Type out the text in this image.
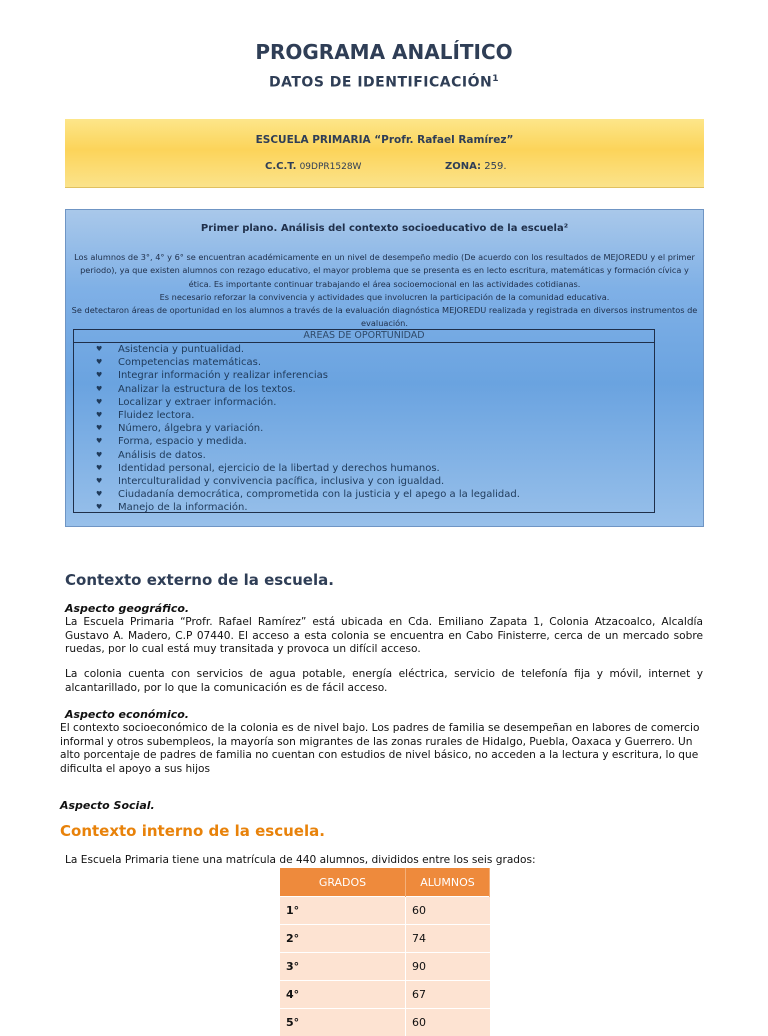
PROGRAMA ANALÍTICO
DATOS DE IDENTIFICACIÓN$^1$
ESCUELA PRIMARIA “Profr. Rafael Ramírez”
C.C.T. 09DPR1528W	ZONA: 259.
Primer plano. Análisis del contexto socioeducativo de la escuela²

Los alumnos de 3°, 4° y 6° se encuentran académicamente en un nivel de desempeño medio (De acuerdo con los resultados de MEJOREDU y el primer periodo), ya que existen alumnos con rezago educativo, el mayor problema que se presenta es en lecto escritura, matemáticas y formación cívica y ética. Es importante continuar trabajando el área socioemocional en las actividades cotidianas.

Es necesario reforzar la convivencia y actividades que involucren la participación de la comunidad educativa.

Se detectaron áreas de oportunidad en los alumnos a través de la evaluación diagnóstica MEJOREDU realizada y registrada en diversos instrumentos de evaluación.

AREAS DE OPORTUNIDAD
♥ Asistencia y puntualidad.
♥ Competencias matemáticas.
♥ Integrar información y realizar inferencias
♥ Analizar la estructura de los textos.
♥ Localizar y extraer información.
♥ Fluidez lectora.
♥ Número, álgebra y variación.
♥ Forma, espacio y medida.
♥ Análisis de datos.
♥ Identidad personal, ejercicio de la libertad y derechos humanos.
♥ Interculturalidad y convivencia pacífica, inclusiva y con igualdad.
♥ Ciudadanía democrática, comprometida con la justicia y el apego a la legalidad.
♥ Manejo de la información.
Contexto externo de la escuela.
Aspecto geográfico.
La Escuela Primaria “Profr. Rafael Ramírez” está ubicada en Cda. Emiliano Zapata 1, Colonia Atzacoalco, Alcaldía Gustavo A. Madero, C.P 07440. El acceso a esta colonia se encuentra en Cabo Finisterre, cerca de un mercado sobre ruedas, por lo cual está muy transitada y provoca un difícil acceso.
La colonia cuenta con servicios de agua potable, energía eléctrica, servicio de telefonía fija y móvil, internet y alcantarillado, por lo que la comunicación es de fácil acceso.
Aspecto económico.
El contexto socioeconómico de la colonia es de nivel bajo. Los padres de familia se desempeñan en labores de comercio informal y otros subempleos, la mayoría son migrantes de las zonas rurales de Hidalgo, Puebla, Oaxaca y Guerrero. Un alto porcentaje de padres de familia no cuentan con estudios de nivel básico, no acceden a la lectura y escritura, lo que dificulta el apoyo a sus hijos
Aspecto Social.
Contexto interno de la escuela.
La Escuela Primaria tiene una matrícula de 440 alumnos, divididos entre los seis grados:
GRADOS	ALUMNOS
1°	60
2°	74
3°	90
4°	67
5°	60
